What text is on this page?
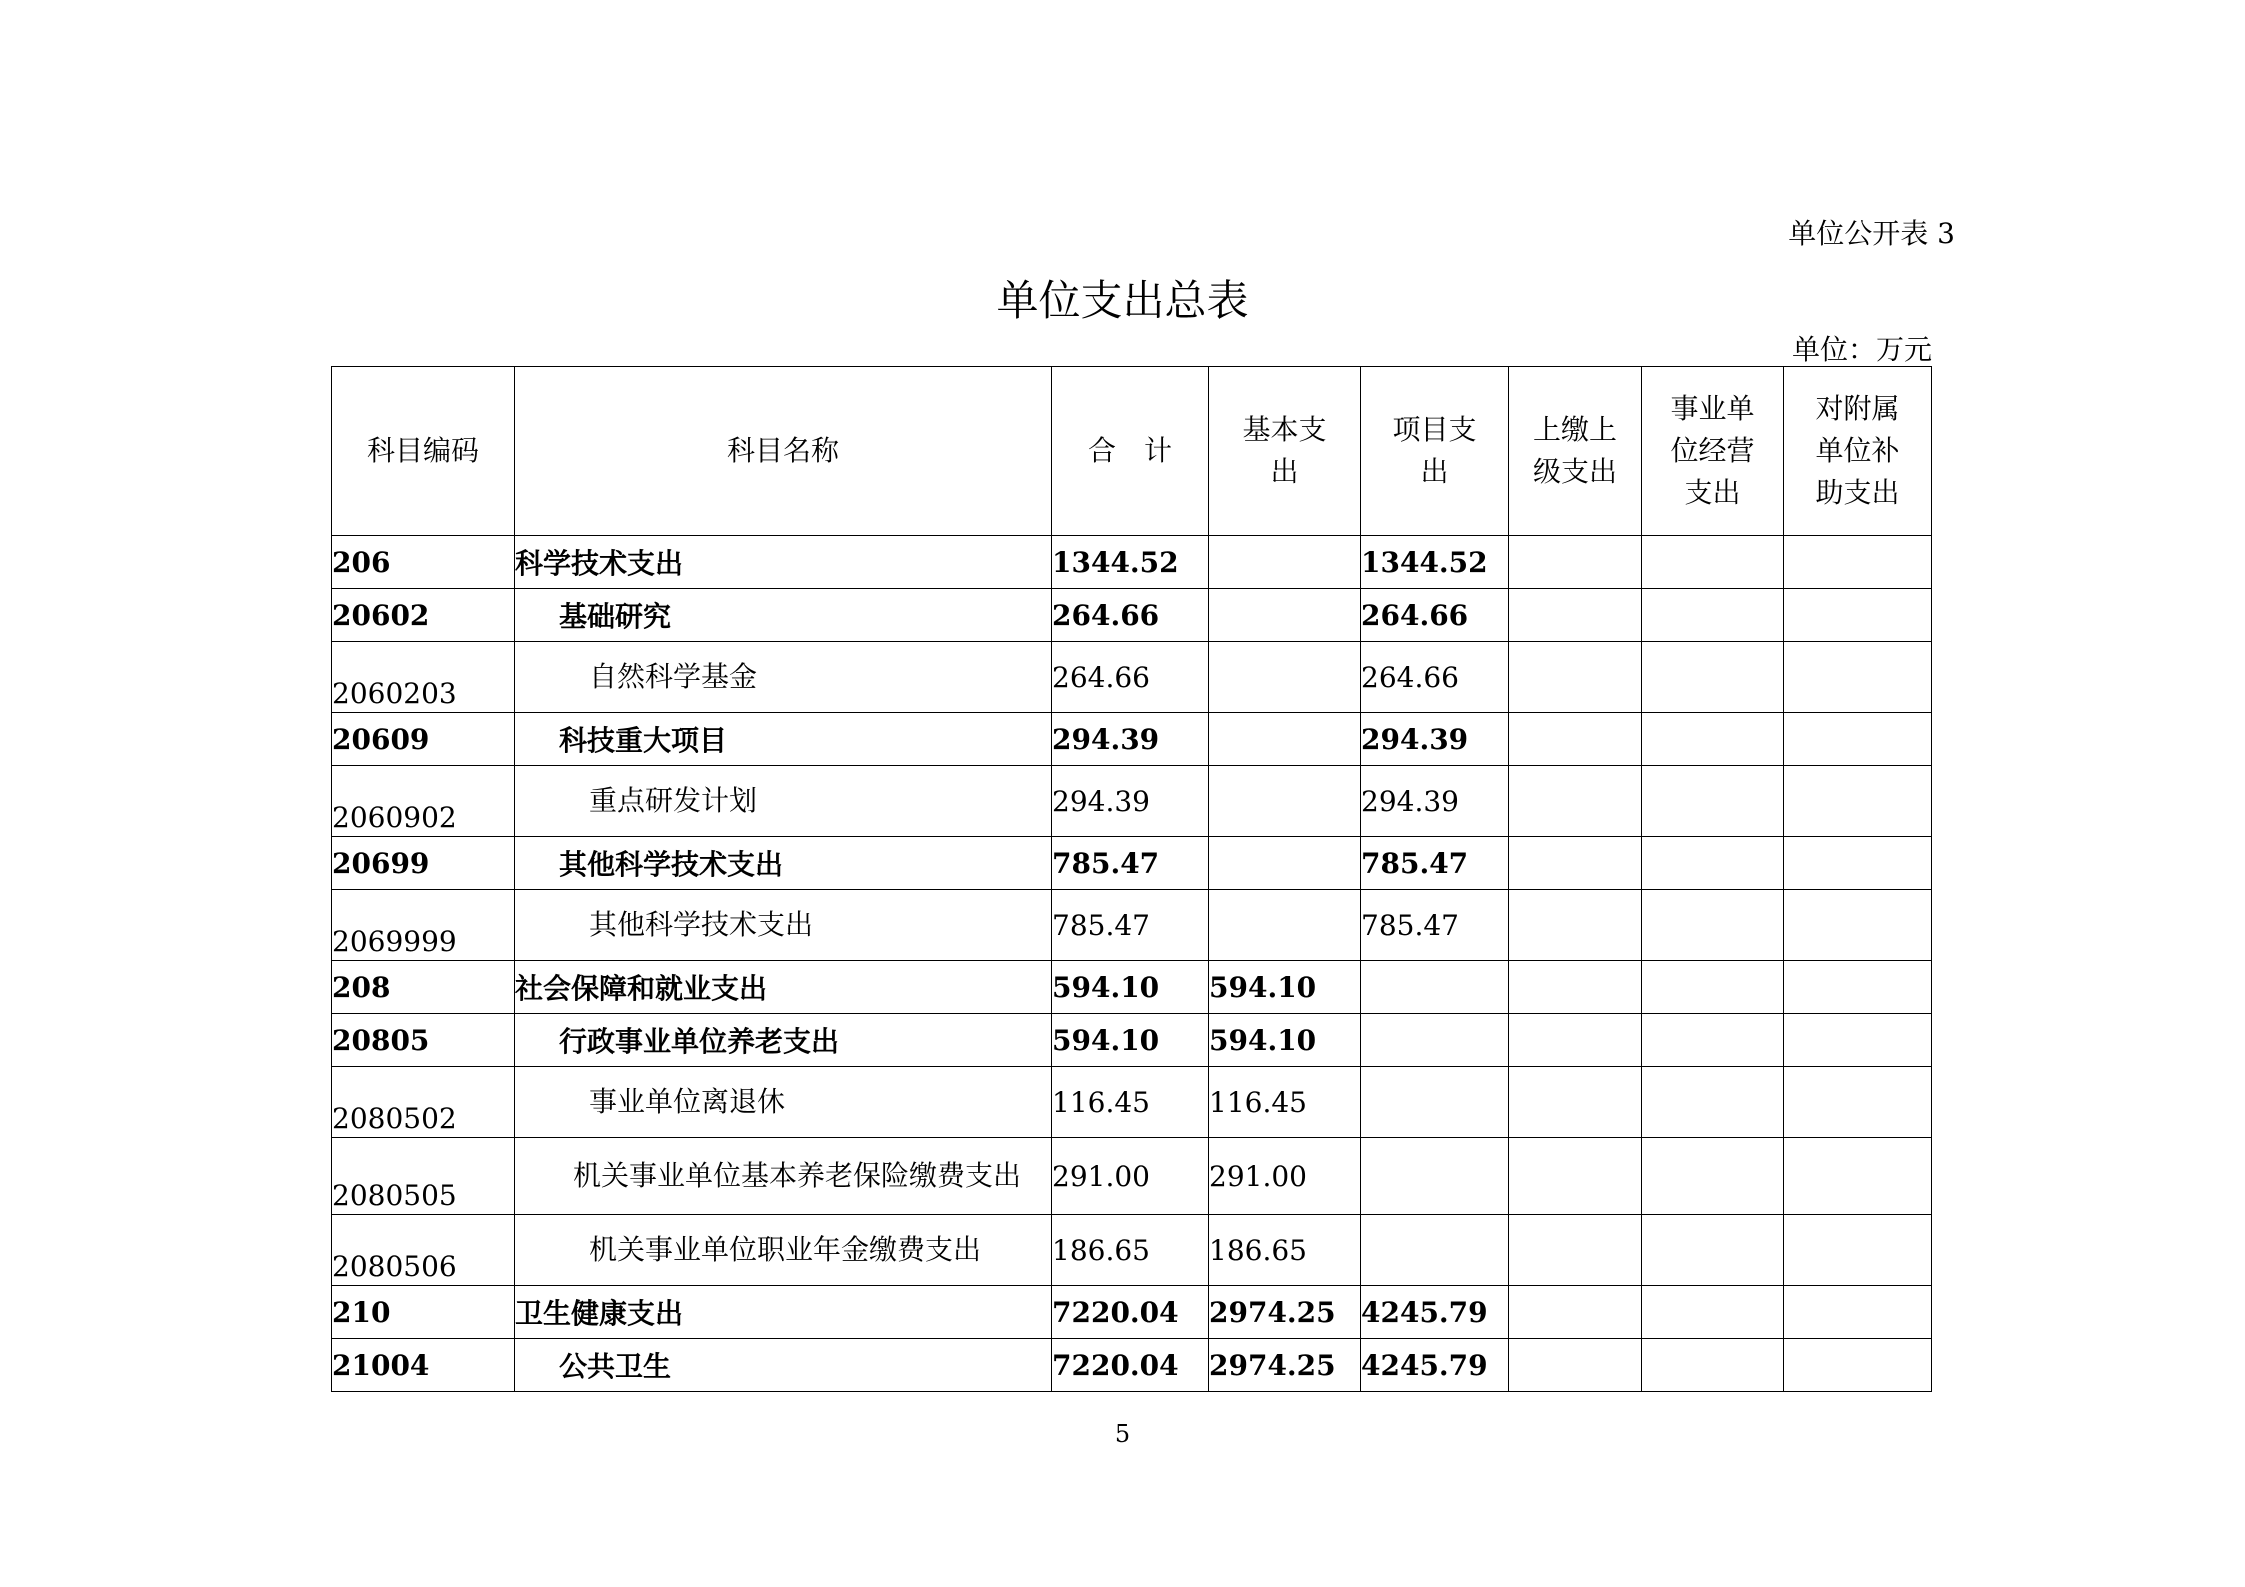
单位公开表 3
单位支出总表
单位：万元
科目编码	科目名称	合　计	基本支出	项目支出	上缴上级支出	事业单位经营支出	对附属单位补助支出

206	科学技术支出	1344.52		1344.52			
20602	基础研究	264.66		264.66			
2060203	自然科学基金	264.66		264.66			
20609	科技重大项目	294.39		294.39			
2060902	重点研发计划	294.39		294.39			
20699	其他科学技术支出	785.47		785.47			
2069999	其他科学技术支出	785.47		785.47			
208	社会保障和就业支出	594.10	594.10				
20805	行政事业单位养老支出	594.10	594.10				
2080502	事业单位离退休	116.45	116.45				
2080505	机关事业单位基本养老保险缴费支出	291.00	291.00				
2080506	机关事业单位职业年金缴费支出	186.65	186.65				
210	卫生健康支出	7220.04	2974.25	4245.79			
21004	公共卫生	7220.04	2974.25	4245.79			
5
